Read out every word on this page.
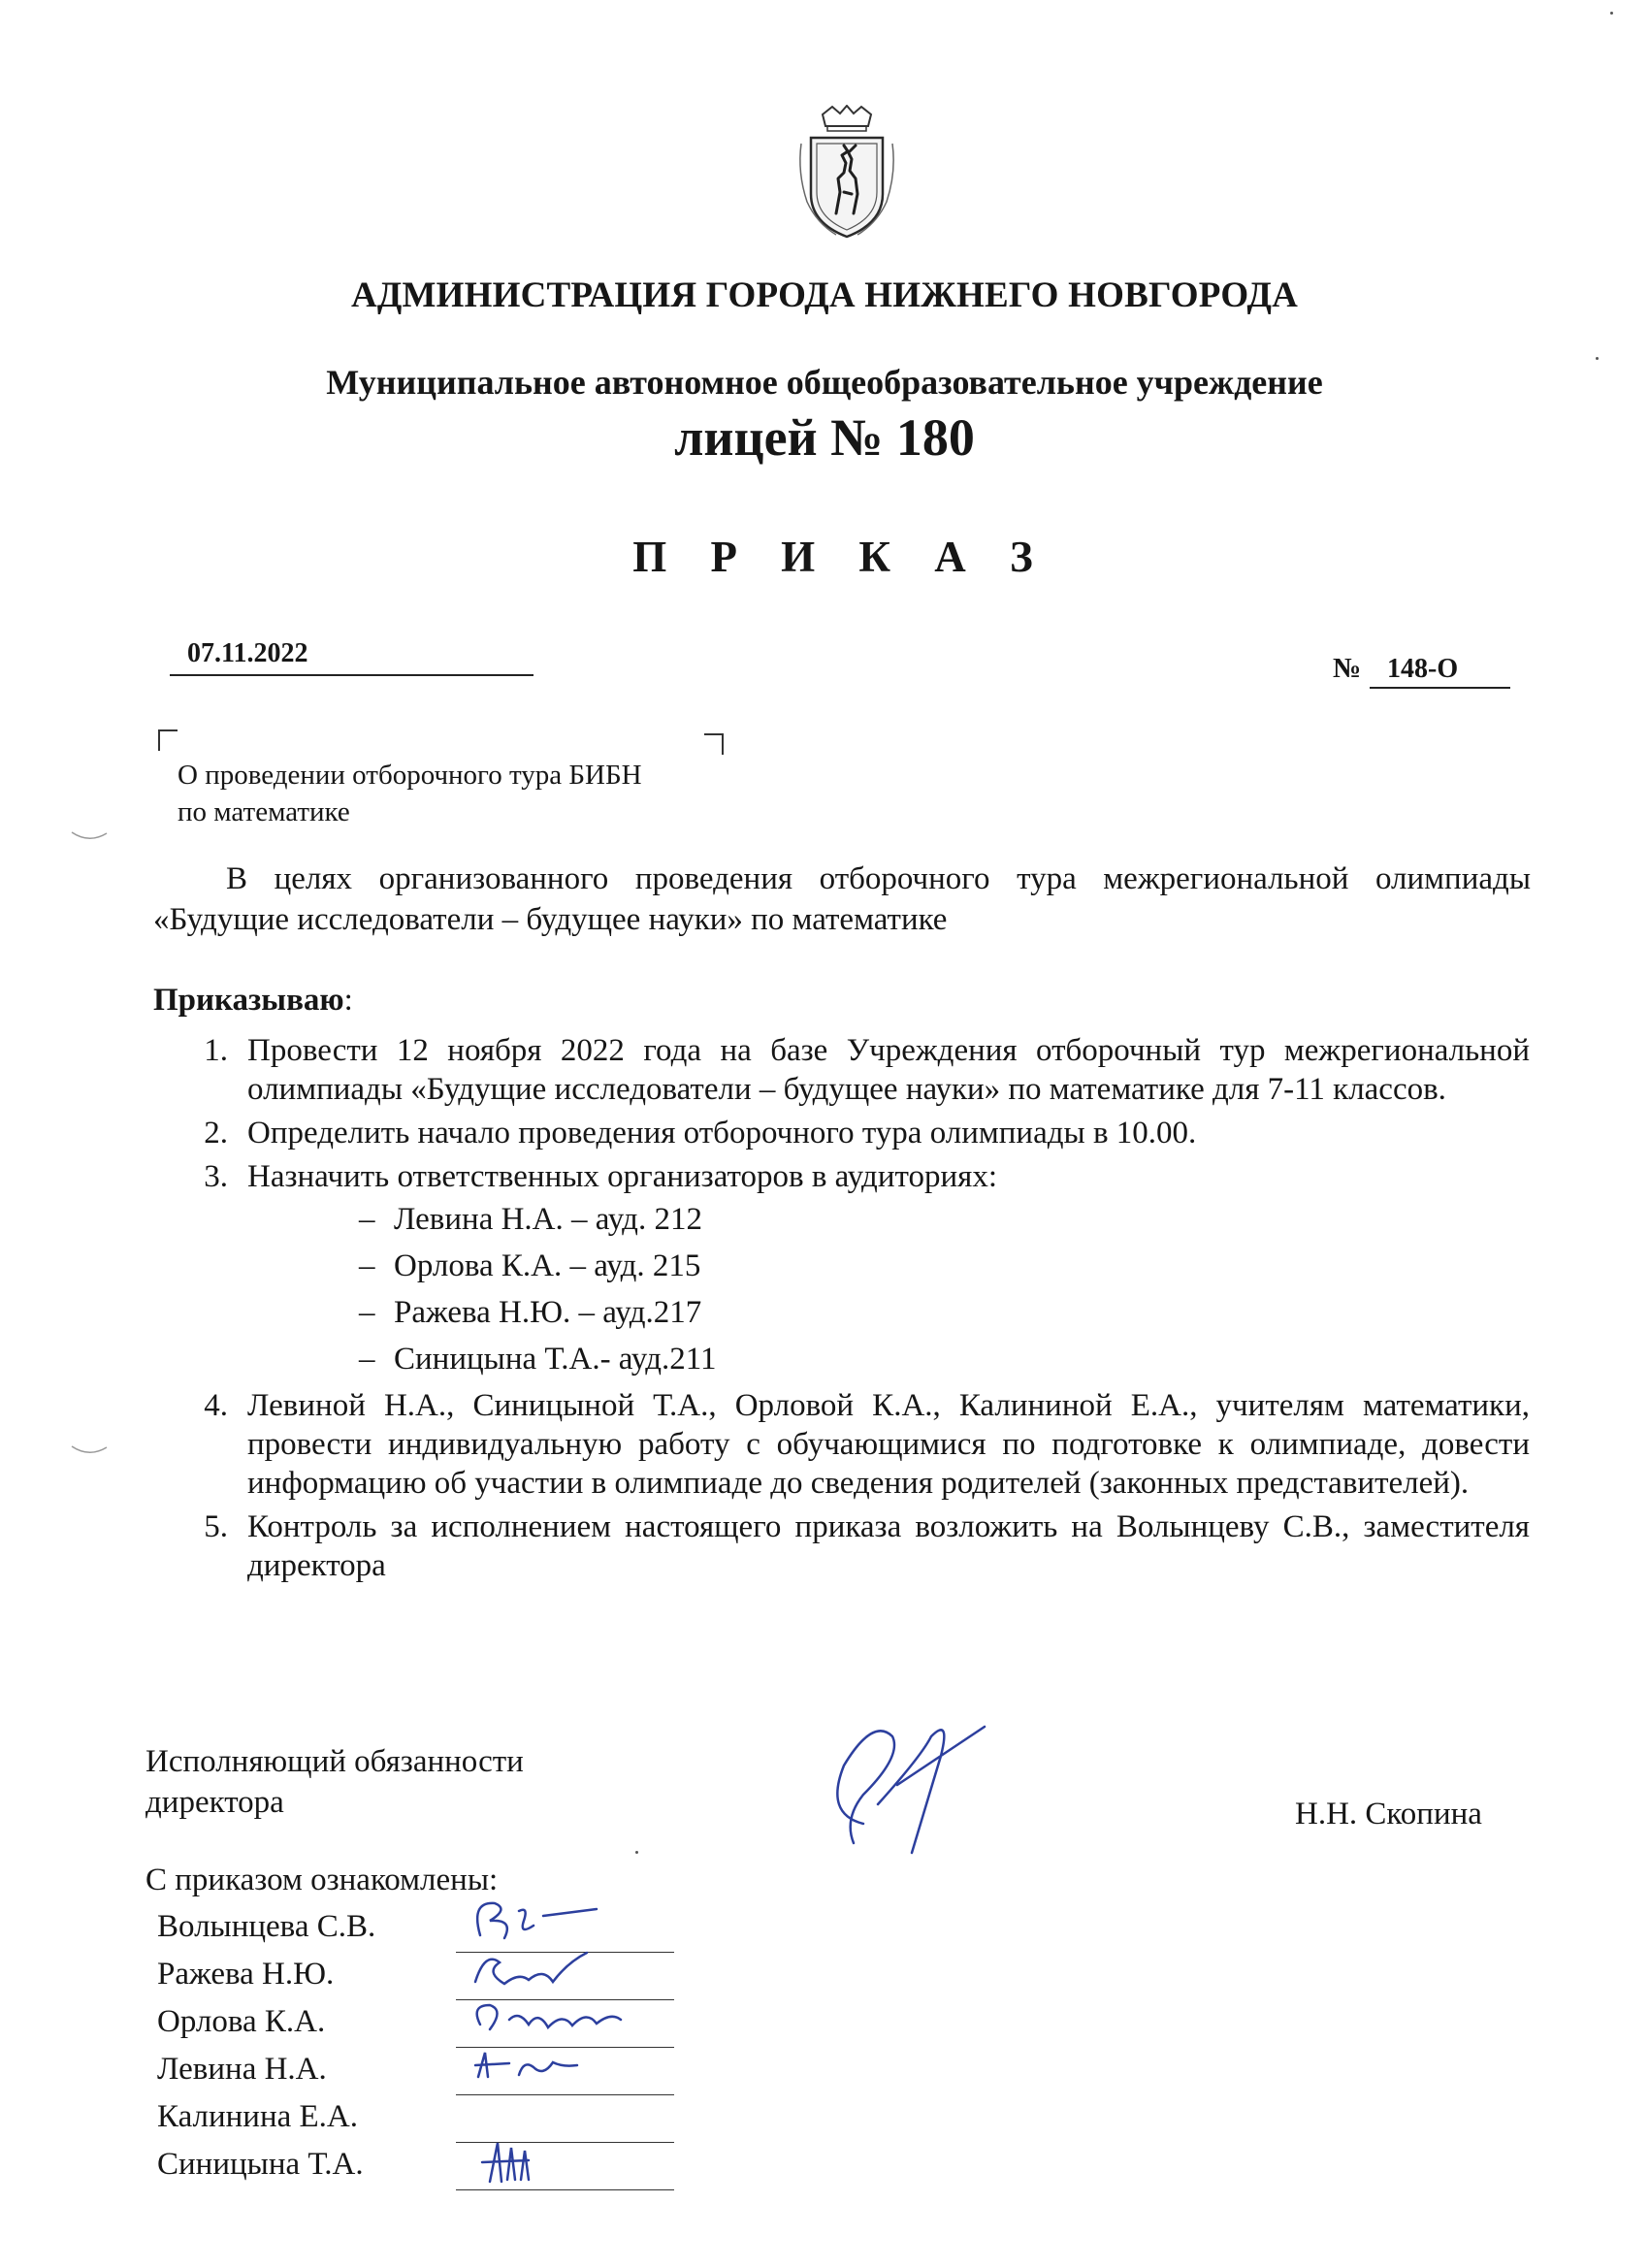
АДМИНИСТРАЦИЯ ГОРОДА НИЖНЕГО НОВГОРОДА
Муниципальное автономное общеобразовательное учреждение
лицей № 180
П Р И К А З
07.11.2022	№ 148-О
О проведении отборочного тура БИБН
по математике
В целях организованного проведения отборочного тура межрегиональной олимпиады «Будущие исследователи – будущее науки» по математике
Приказываю:
1. Провести 12 ноября 2022 года на базе Учреждения отборочный тур межрегиональной олимпиады «Будущие исследователи – будущее науки» по математике для 7-11 классов.
2. Определить начало проведения отборочного тура олимпиады в 10.00.
3. Назначить ответственных организаторов в аудиториях:
– Левина Н.А. – ауд. 212
– Орлова К.А. – ауд. 215
– Ражева Н.Ю. – ауд.217
– Синицына Т.А.- ауд.211
4. Левиной Н.А., Синицыной Т.А., Орловой К.А., Калининой Е.А., учителям математики, провести индивидуальную работу с обучающимися по подготовке к олимпиаде, довести информацию об участии в олимпиаде до сведения родителей (законных представителей).
5. Контроль за исполнением настоящего приказа возложить на Волынцеву С.В., заместителя директора
Исполняющий обязанности
директора	Н.Н. Скопина
С приказом ознакомлены:
Волынцева С.В.
Ражева Н.Ю.
Орлова К.А.
Левина Н.А.
Калинина Е.А.
Синицына Т.А.
